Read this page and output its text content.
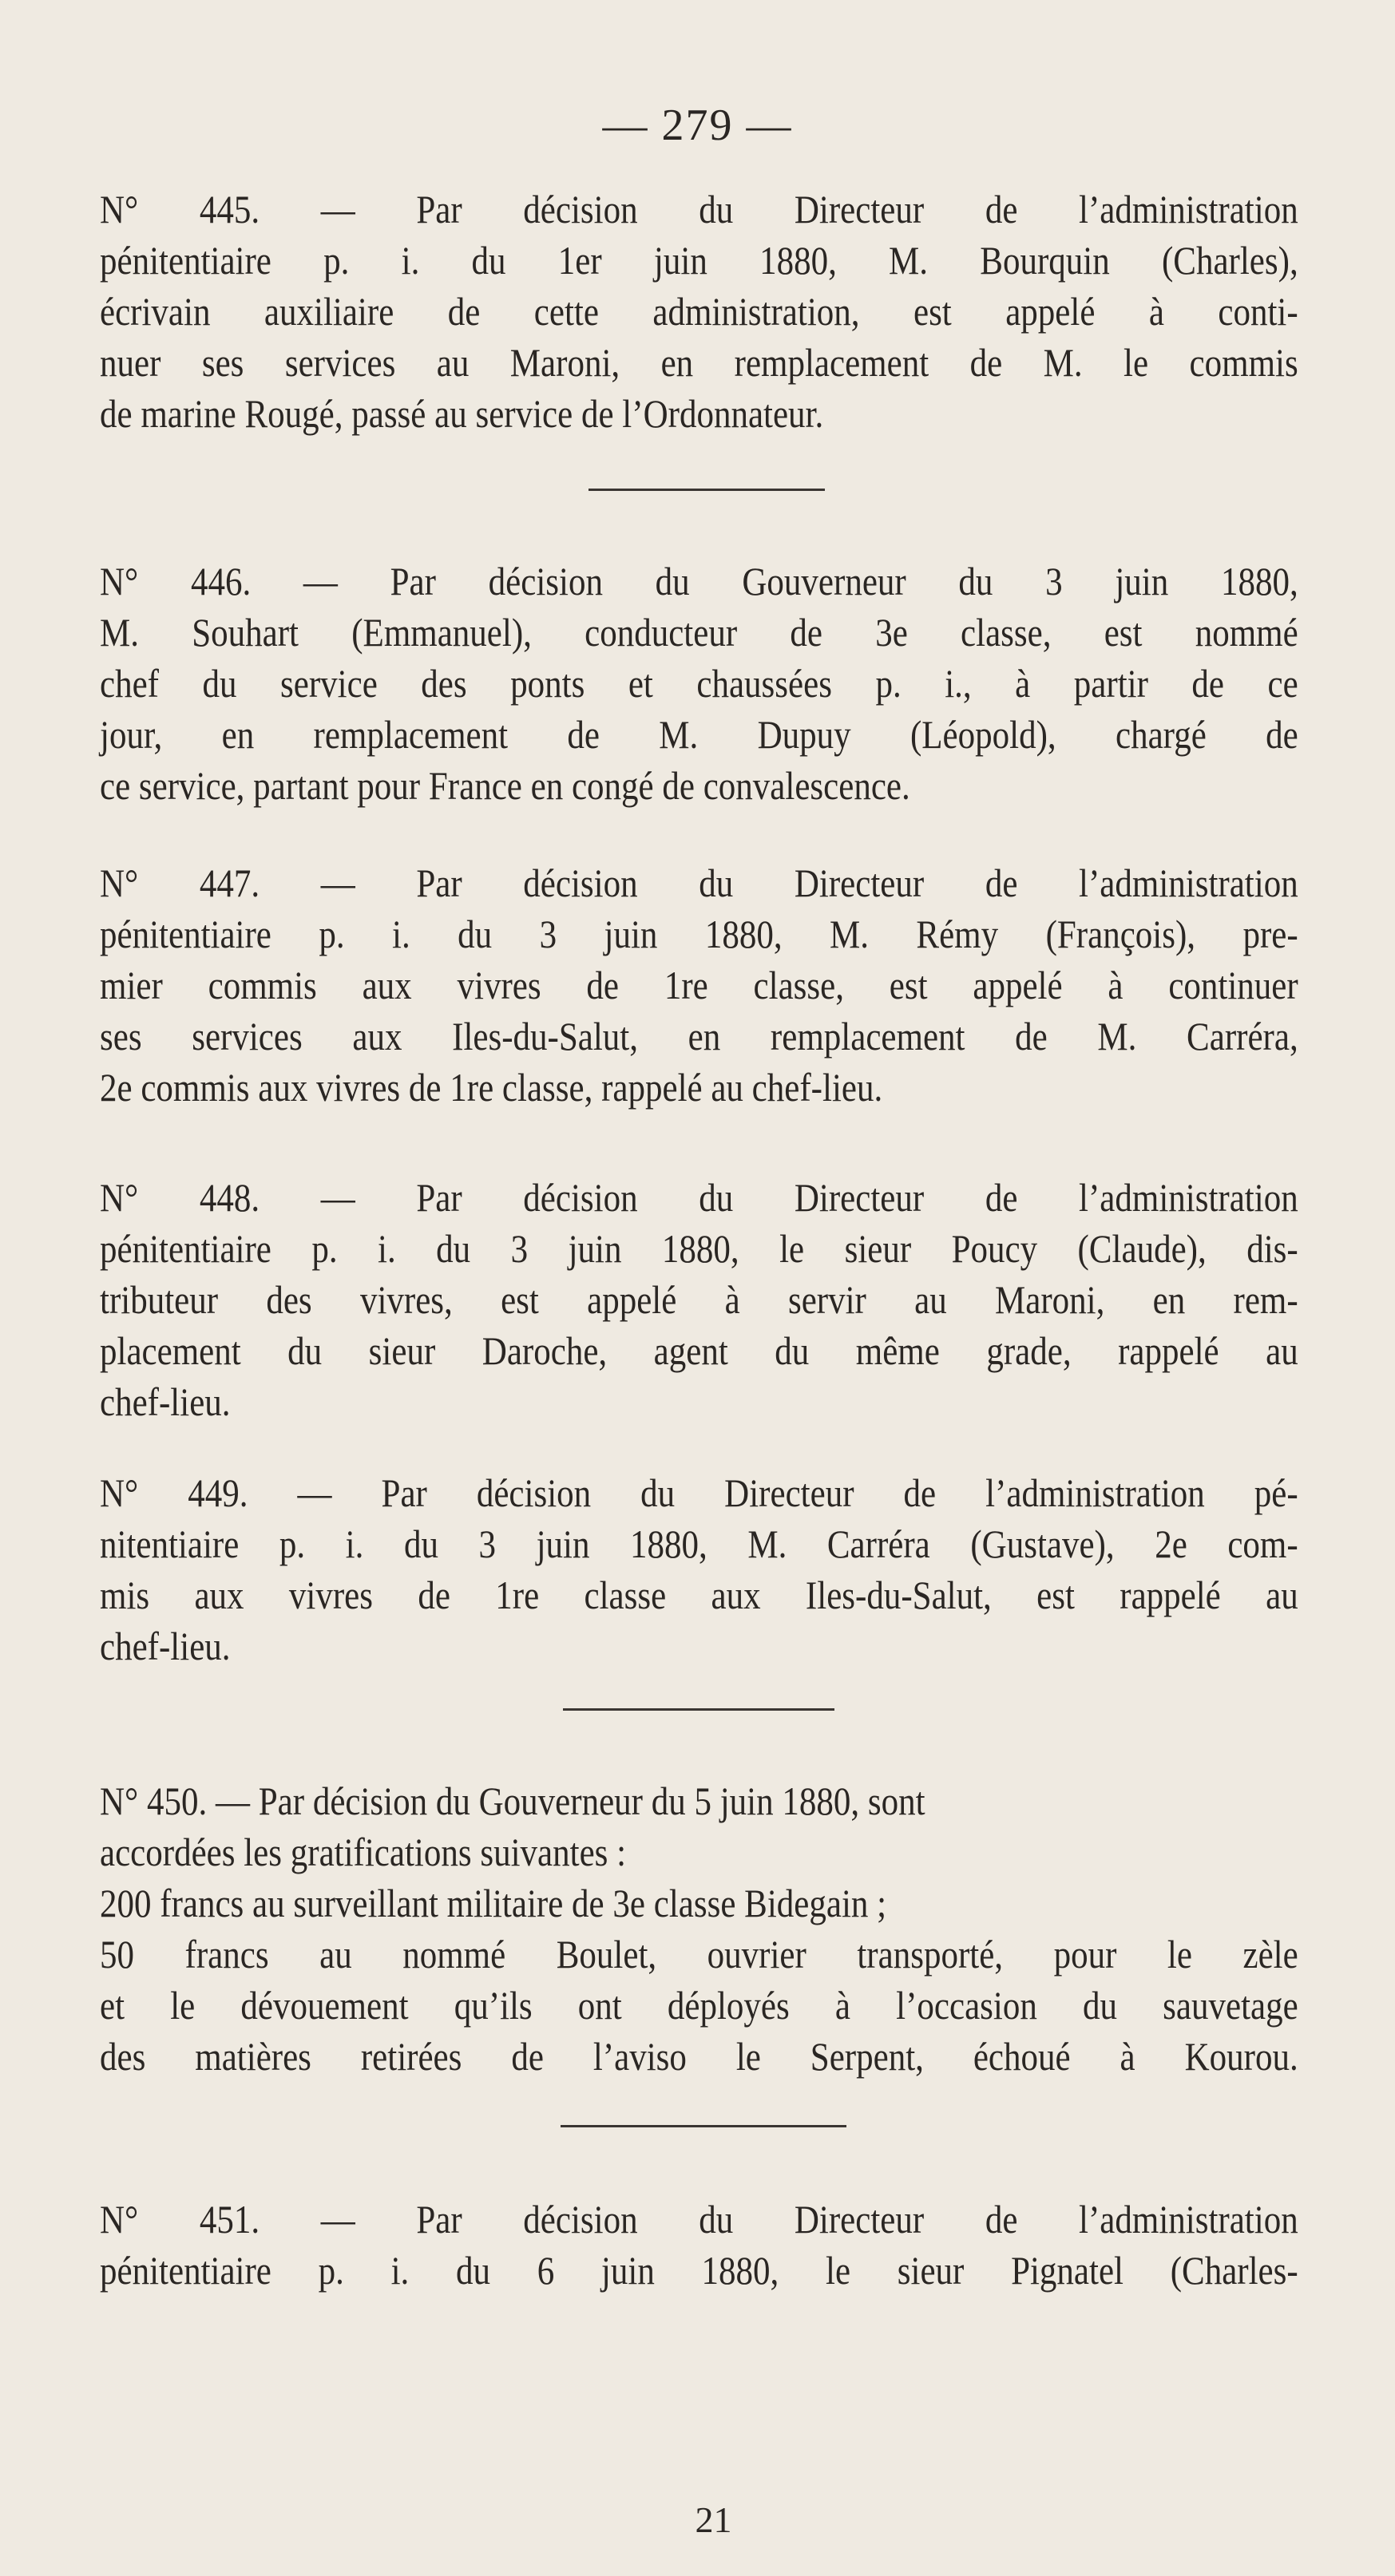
— 279 —
N° 445. — Par décision du Directeur de l’administration
pénitentiaire p. i. du 1er juin 1880, M. Bourquin (Charles),
écrivain auxiliaire de cette administration, est appelé à conti-
nuer ses services au Maroni, en remplacement de M. le commis
de marine Rougé, passé au service de l’Ordonnateur.
N° 446. — Par décision du Gouverneur du 3 juin 1880,
M. Souhart (Emmanuel), conducteur de 3e classe, est nommé
chef du service des ponts et chaussées p. i., à partir de ce
jour, en remplacement de M. Dupuy (Léopold), chargé de
ce service, partant pour France en congé de convalescence.
N° 447. — Par décision du Directeur de l’administration
pénitentiaire p. i. du 3 juin 1880, M. Rémy (François), pre-
mier commis aux vivres de 1re classe, est appelé à continuer
ses services aux Iles-du-Salut, en remplacement de M. Carréra,
2e commis aux vivres de 1re classe, rappelé au chef-lieu.
N° 448. — Par décision du Directeur de l’administration
pénitentiaire p. i. du 3 juin 1880, le sieur Poucy (Claude), dis-
tributeur des vivres, est appelé à servir au Maroni, en rem-
placement du sieur Daroche, agent du même grade, rappelé au
chef-lieu.
N° 449. — Par décision du Directeur de l’administration pé-
nitentiaire p. i. du 3 juin 1880, M. Carréra (Gustave), 2e com-
mis aux vivres de 1re classe aux Iles-du-Salut, est rappelé au
chef-lieu.
N° 450. — Par décision du Gouverneur du 5 juin 1880, sont
accordées les gratifications suivantes :
200 francs au surveillant militaire de 3e classe Bidegain ;
50 francs au nommé Boulet, ouvrier transporté, pour le zèle
et le dévouement qu’ils ont déployés à l’occasion du sauvetage
des matières retirées de l’aviso le Serpent, échoué à Kourou.
N° 451. — Par décision du Directeur de l’administration
pénitentiaire p. i. du 6 juin 1880, le sieur Pignatel (Charles-
21
